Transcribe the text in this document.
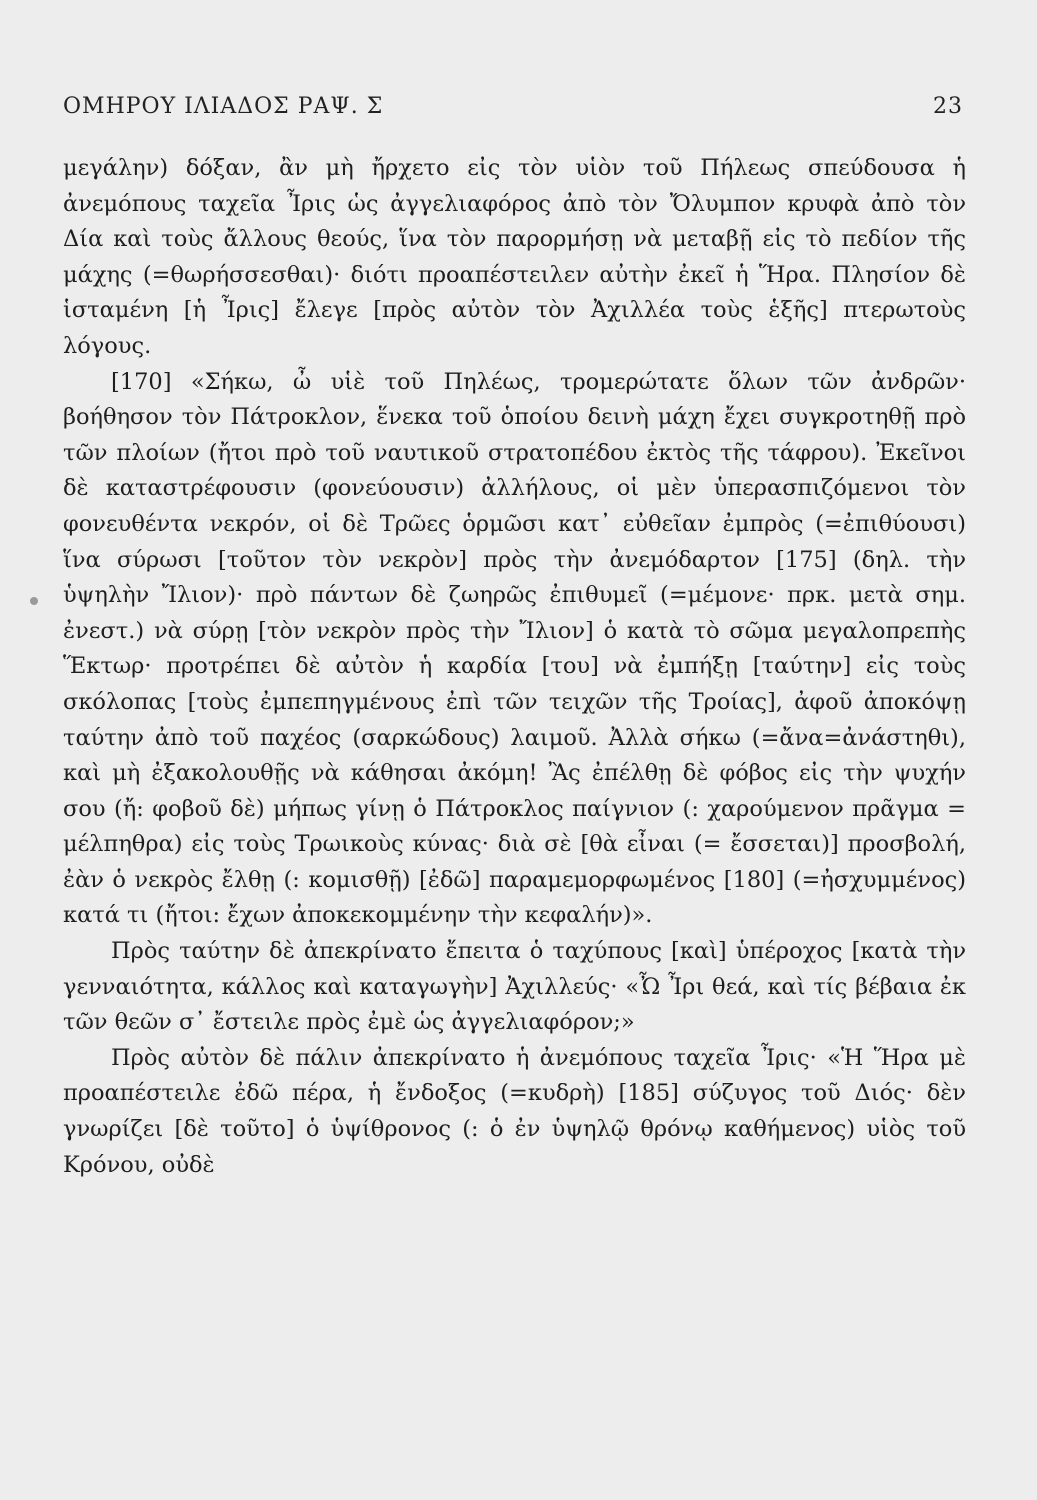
ΟΜΗΡΟΥ ΙΛΙΑΔΟΣ ΡΑΨ. Σ	23

μεγάλην) δόξαν, ἂν μὴ ἤρχετο εἰς τὸν υἱὸν τοῦ Πήλεως σπεύδουσα ἡ ἀνεμόπους ταχεῖα Ἶρις ὡς ἀγγελιαφόρος ἀπὸ τὸν Ὄλυμπον κρυφὰ ἀπὸ τὸν Δία καὶ τοὺς ἄλλους θεούς, ἵνα τὸν παρορμήσῃ νὰ μεταβῇ εἰς τὸ πεδίον τῆς μάχης (=θωρήσσεσθαι)· διότι προαπέστειλεν αὐτὴν ἐκεῖ ἡ Ἥρα. Πλησίον δὲ ἱσταμένη [ἡ Ἶρις] ἔλεγε [πρὸς αὐτὸν τὸν Ἀχιλλέα τοὺς ἑξῆς] πτερωτοὺς λόγους.

[170] «Σήκω, ὦ υἱὲ τοῦ Πηλέως, τρομερώτατε ὅλων τῶν ἀνδρῶν· βοήθησον τὸν Πάτροκλον, ἕνεκα τοῦ ὁποίου δεινὴ μάχη ἔχει συγκροτηθῇ πρὸ τῶν πλοίων (ἤτοι πρὸ τοῦ ναυτικοῦ στρατοπέδου ἐκτὸς τῆς τάφρου). Ἐκεῖνοι δὲ καταστρέφουσιν (φονεύουσιν) ἀλλήλους, οἱ μὲν ὑπερασπιζόμενοι τὸν φονευθέντα νεκρόν, οἱ δὲ Τρῶες ὁρμῶσι κατ᾽ εὐθεῖαν ἐμπρὸς (=ἐπιθύουσι) ἵνα σύρωσι [τοῦτον τὸν νεκρὸν] πρὸς τὴν ἀνεμόδαρτον [175] (δηλ. τὴν ὑψηλὴν Ἴλιον)· πρὸ πάντων δὲ ζωηρῶς ἐπιθυμεῖ (=μέμονε· πρκ. μετὰ σημ. ἐνεστ.) νὰ σύρῃ [τὸν νεκρὸν πρὸς τὴν Ἴλιον] ὁ κατὰ τὸ σῶμα μεγαλοπρεπὴς Ἕκτωρ· προτρέπει δὲ αὐτὸν ἡ καρδία [του] νὰ ἐμπήξῃ [ταύτην] εἰς τοὺς σκόλοπας [τοὺς ἐμπεπηγμένους ἐπὶ τῶν τειχῶν τῆς Τροίας], ἀφοῦ ἀποκόψῃ ταύτην ἀπὸ τοῦ παχέος (σαρκώδους) λαιμοῦ. Ἀλλὰ σήκω (=ἄνα=ἀνάστηθι), καὶ μὴ ἐξακολουθῇς νὰ κάθησαι ἀκόμη! Ἂς ἐπέλθῃ δὲ φόβος εἰς τὴν ψυχήν σου (ἤ: φοβοῦ δὲ) μήπως γίνῃ ὁ Πάτροκλος παίγνιον (: χαρούμενον πρᾶγμα = μέλπηθρα) εἰς τοὺς Τρωικοὺς κύνας· διὰ σὲ [θὰ εἶναι (= ἔσσεται)] προσβολή, ἐὰν ὁ νεκρὸς ἔλθῃ (: κομισθῇ) [ἐδῶ] παραμεμορφωμένος [180] (=ἠσχυμμένος) κατά τι (ἤτοι: ἔχων ἀποκεκομμένην τὴν κεφαλήν)».

Πρὸς ταύτην δὲ ἀπεκρίνατο ἔπειτα ὁ ταχύπους [καὶ] ὑπέροχος [κατὰ τὴν γενναιότητα, κάλλος καὶ καταγωγὴν] Ἀχιλλεύς· «Ὦ Ἶρι θεά, καὶ τίς βέβαια ἐκ τῶν θεῶν σ᾽ ἔστειλε πρὸς ἐμὲ ὡς ἀγγελιαφόρον;»

Πρὸς αὐτὸν δὲ πάλιν ἀπεκρίνατο ἡ ἀνεμόπους ταχεῖα Ἶρις· «Ἡ Ἥρα μὲ προαπέστειλε ἐδῶ πέρα, ἡ ἔνδοξος (=κυδρὴ) [185] σύζυγος τοῦ Διός· δὲν γνωρίζει [δὲ τοῦτο] ὁ ὑψίθρονος (: ὁ ἐν ὑψηλῷ θρόνῳ καθήμενος) υἱὸς τοῦ Κρόνου, οὐδὲ
